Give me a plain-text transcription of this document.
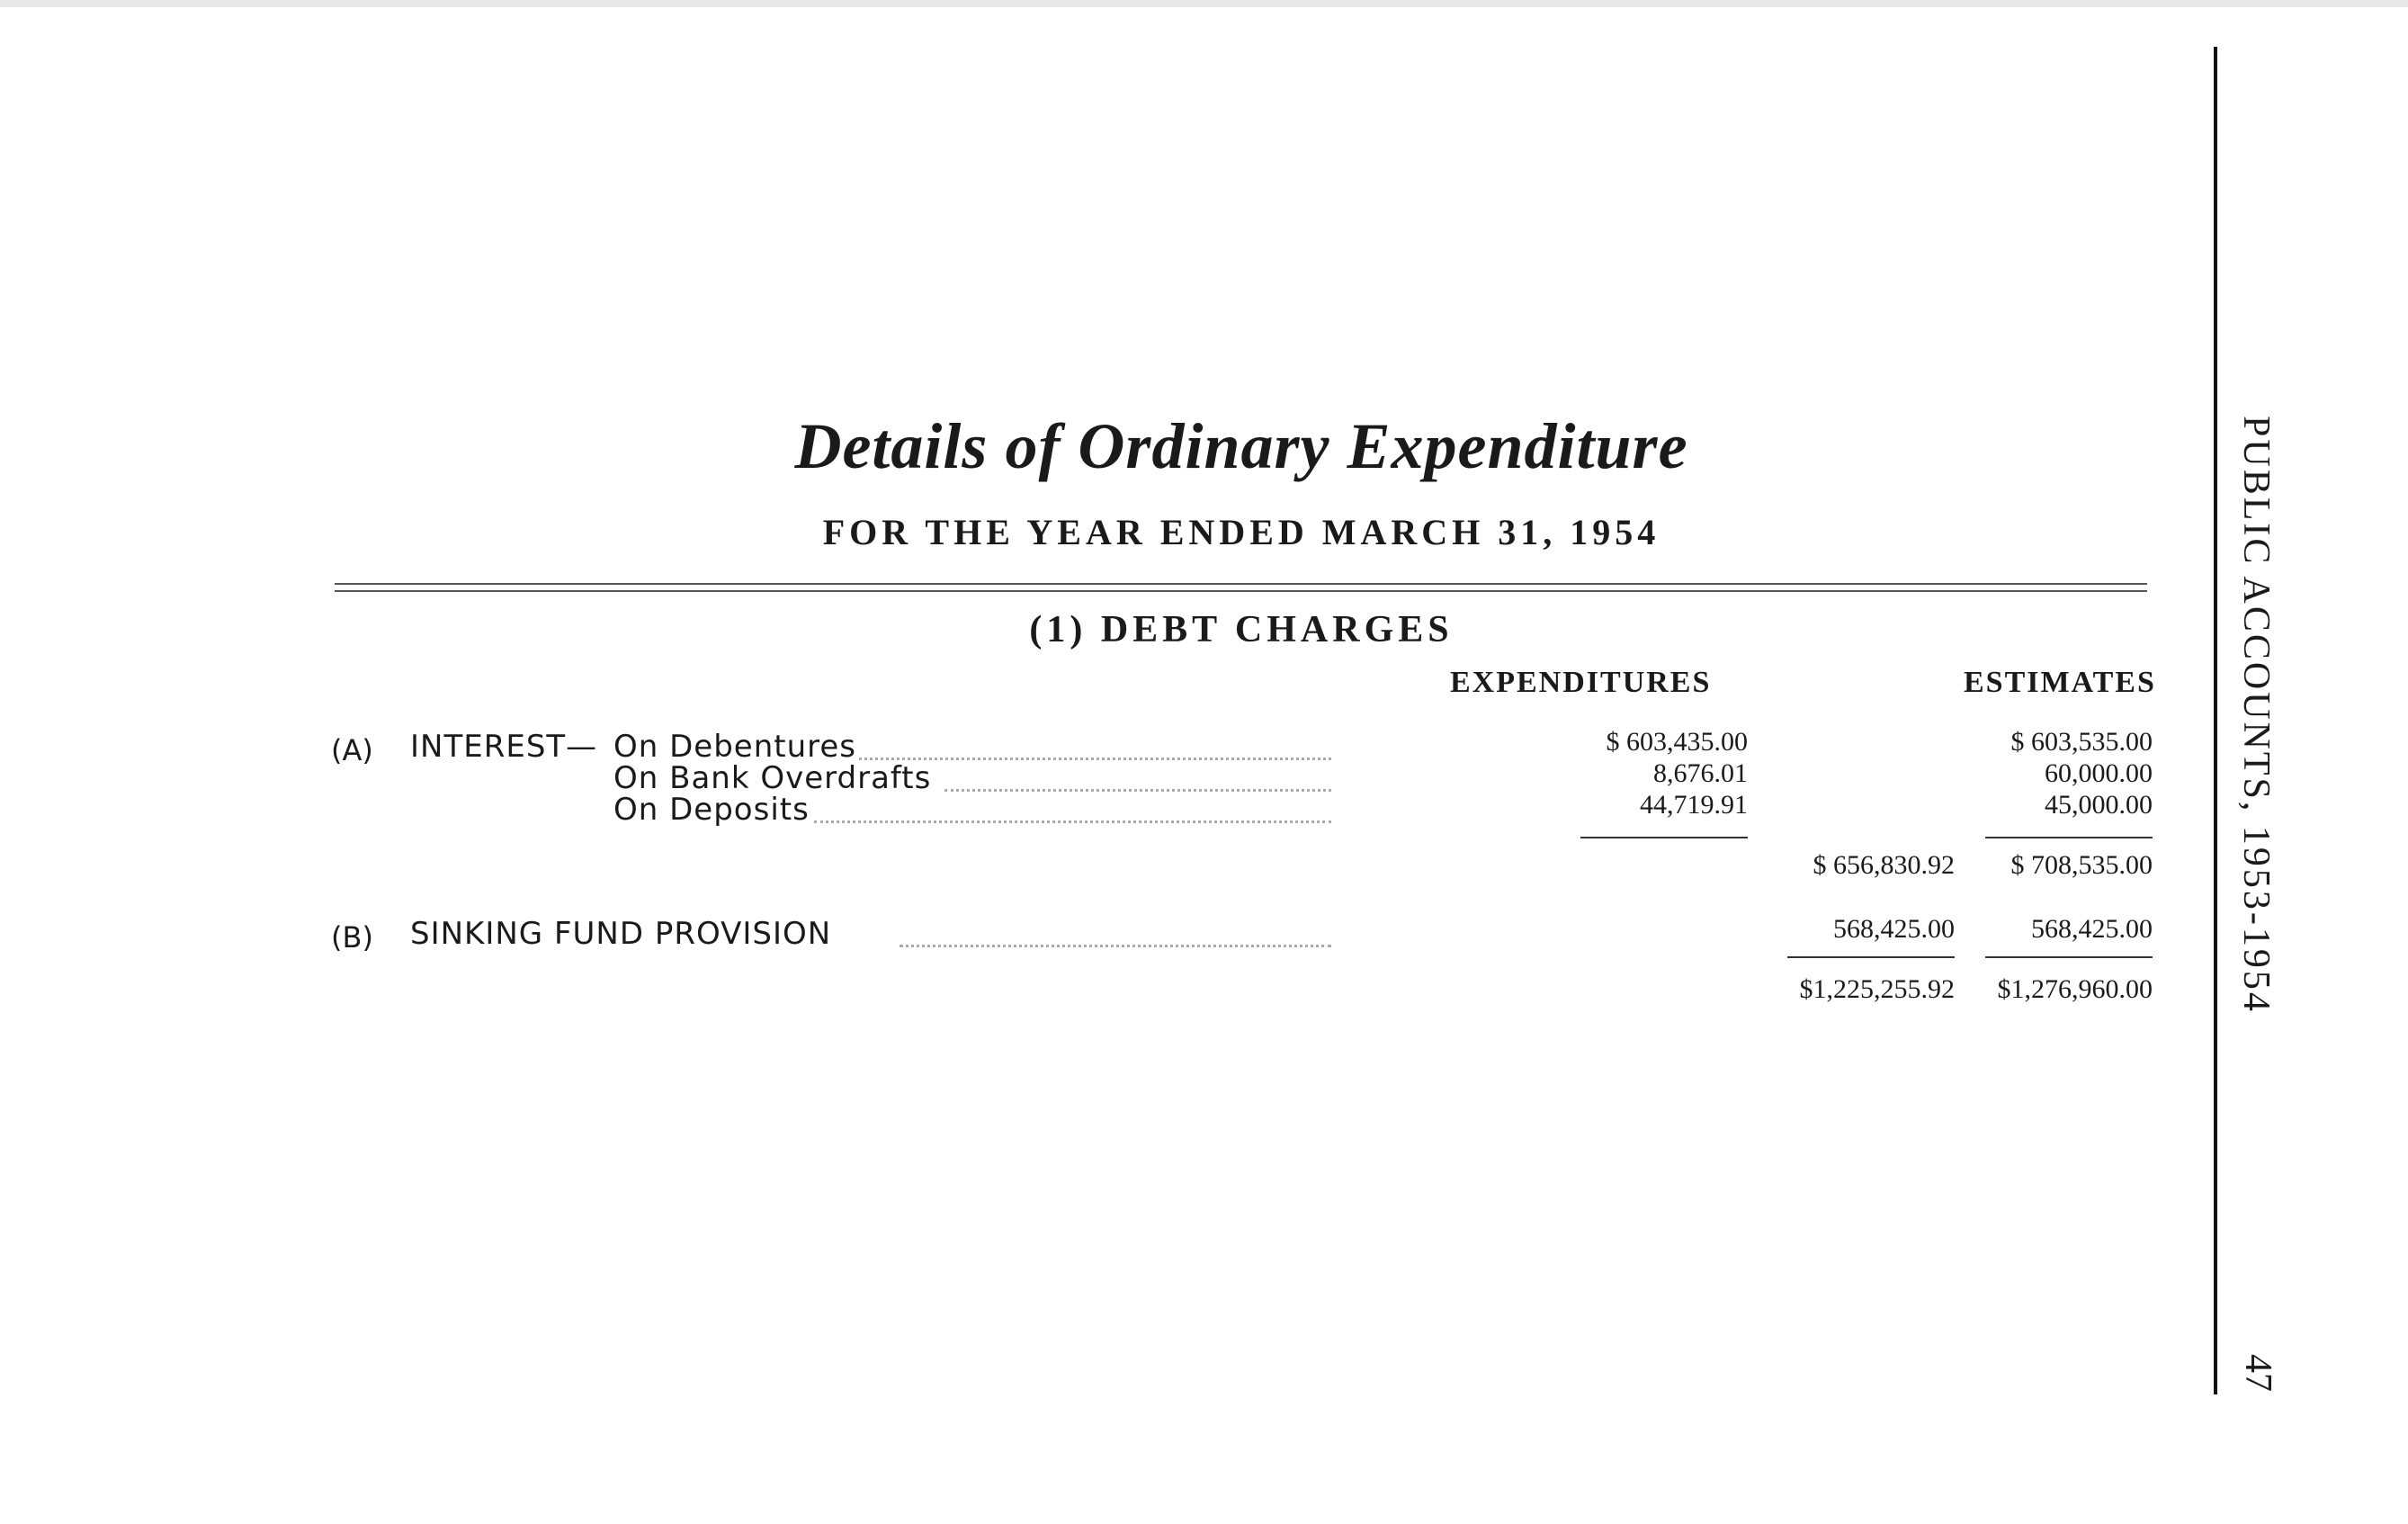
Details of Ordinary Expenditure
FOR THE YEAR ENDED MARCH 31, 1954
(1) DEBT CHARGES
EXPENDITURES	ESTIMATES
(A) INTEREST— On Debentures	$ 603,435.00	$ 603,535.00
On Bank Overdrafts	8,676.01	60,000.00
On Deposits	44,719.91	45,000.00
$ 656,830.92	$ 708,535.00
(B) SINKING FUND PROVISION	568,425.00	568,425.00
$1,225,255.92	$1,276,960.00 PUBLIC ACCOUNTS, 1953-1954
47
